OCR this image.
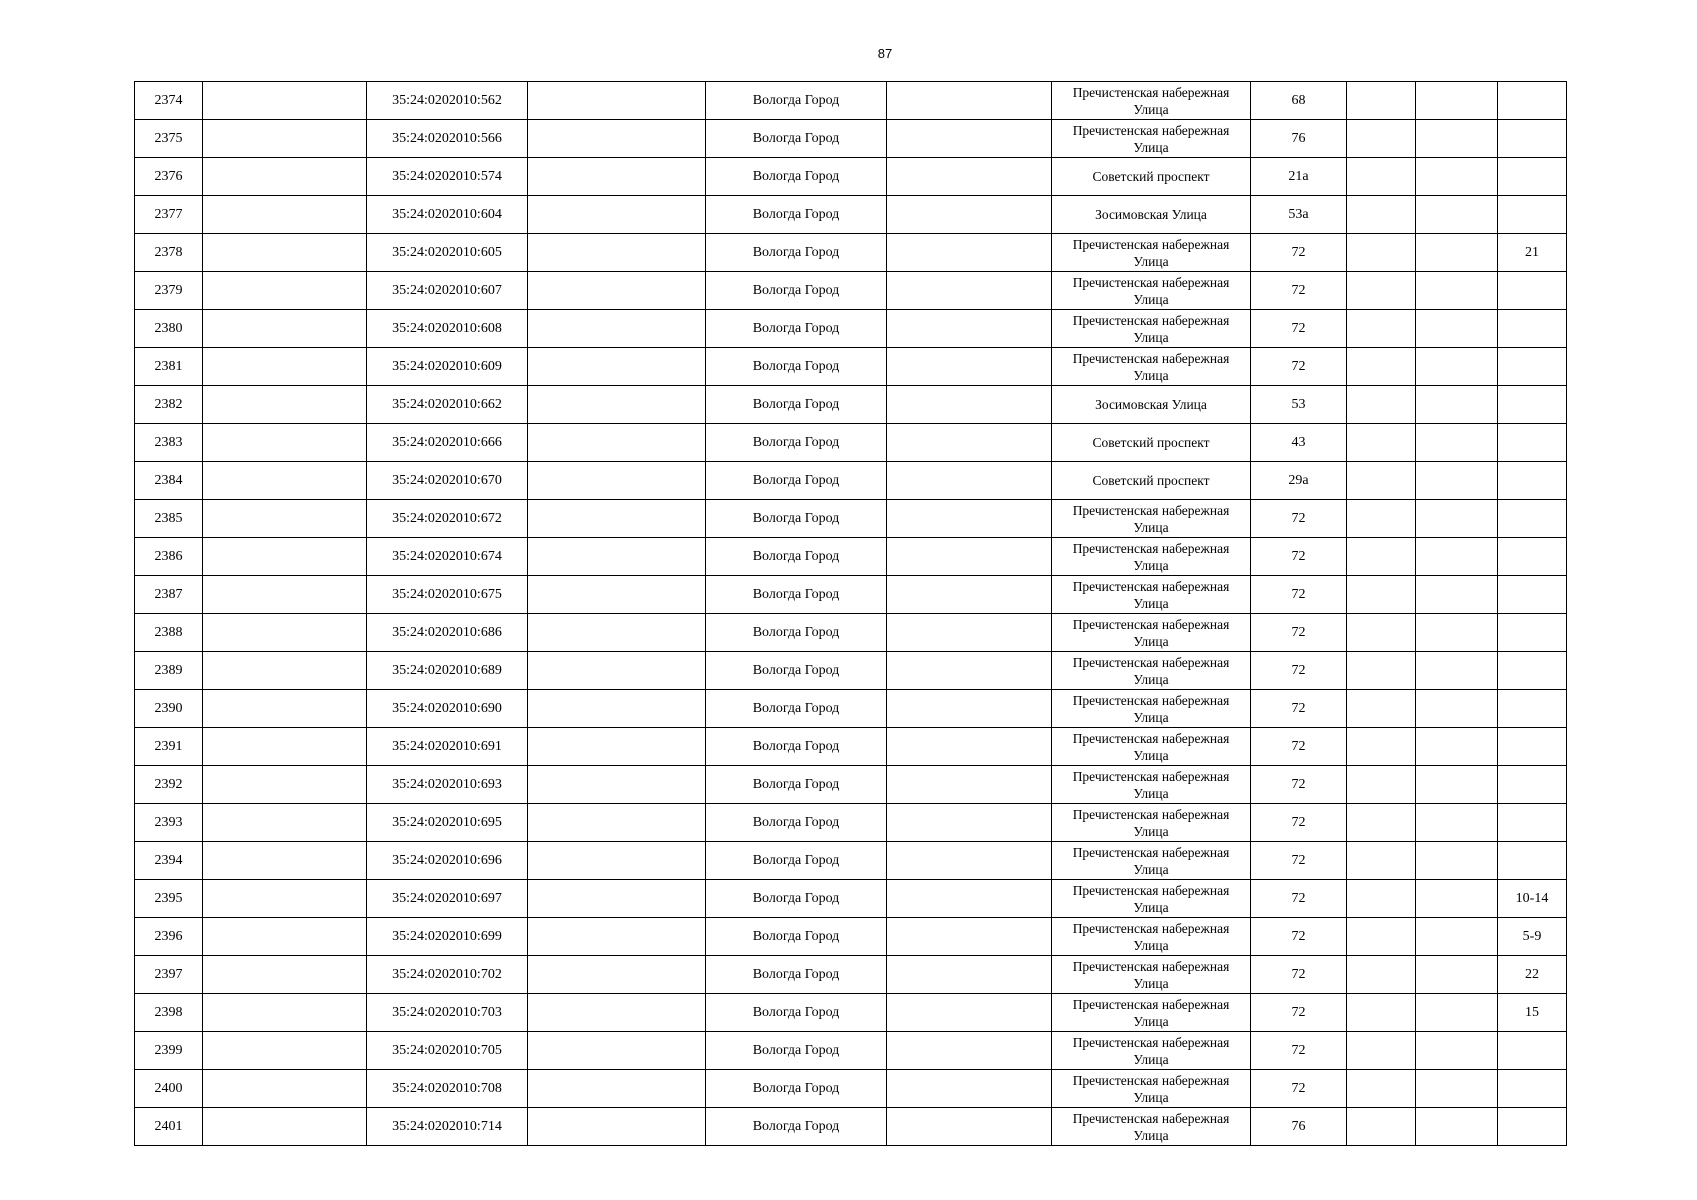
87
2374		35:24:0202010:562		Вологда Город		Пречистенская набережная Улица	68			
2375		35:24:0202010:566		Вологда Город		Пречистенская набережная Улица	76			
2376		35:24:0202010:574		Вологда Город		Советский проспект	21а			
2377		35:24:0202010:604		Вологда Город		Зосимовская Улица	53а			
2378		35:24:0202010:605		Вологда Город		Пречистенская набережная Улица	72			21
2379		35:24:0202010:607		Вологда Город		Пречистенская набережная Улица	72			
2380		35:24:0202010:608		Вологда Город		Пречистенская набережная Улица	72			
2381		35:24:0202010:609		Вологда Город		Пречистенская набережная Улица	72			
2382		35:24:0202010:662		Вологда Город		Зосимовская Улица	53			
2383		35:24:0202010:666		Вологда Город		Советский проспект	43			
2384		35:24:0202010:670		Вологда Город		Советский проспект	29а			
2385		35:24:0202010:672		Вологда Город		Пречистенская набережная Улица	72			
2386		35:24:0202010:674		Вологда Город		Пречистенская набережная Улица	72			
2387		35:24:0202010:675		Вологда Город		Пречистенская набережная Улица	72			
2388		35:24:0202010:686		Вологда Город		Пречистенская набережная Улица	72			
2389		35:24:0202010:689		Вологда Город		Пречистенская набережная Улица	72			
2390		35:24:0202010:690		Вологда Город		Пречистенская набережная Улица	72			
2391		35:24:0202010:691		Вологда Город		Пречистенская набережная Улица	72			
2392		35:24:0202010:693		Вологда Город		Пречистенская набережная Улица	72			
2393		35:24:0202010:695		Вологда Город		Пречистенская набережная Улица	72			
2394		35:24:0202010:696		Вологда Город		Пречистенская набережная Улица	72			
2395		35:24:0202010:697		Вологда Город		Пречистенская набережная Улица	72			10-14
2396		35:24:0202010:699		Вологда Город		Пречистенская набережная Улица	72			5-9
2397		35:24:0202010:702		Вологда Город		Пречистенская набережная Улица	72			22
2398		35:24:0202010:703		Вологда Город		Пречистенская набережная Улица	72			15
2399		35:24:0202010:705		Вологда Город		Пречистенская набережная Улица	72			
2400		35:24:0202010:708		Вологда Город		Пречистенская набережная Улица	72			
2401		35:24:0202010:714		Вологда Город		Пречистенская набережная Улица	76			
